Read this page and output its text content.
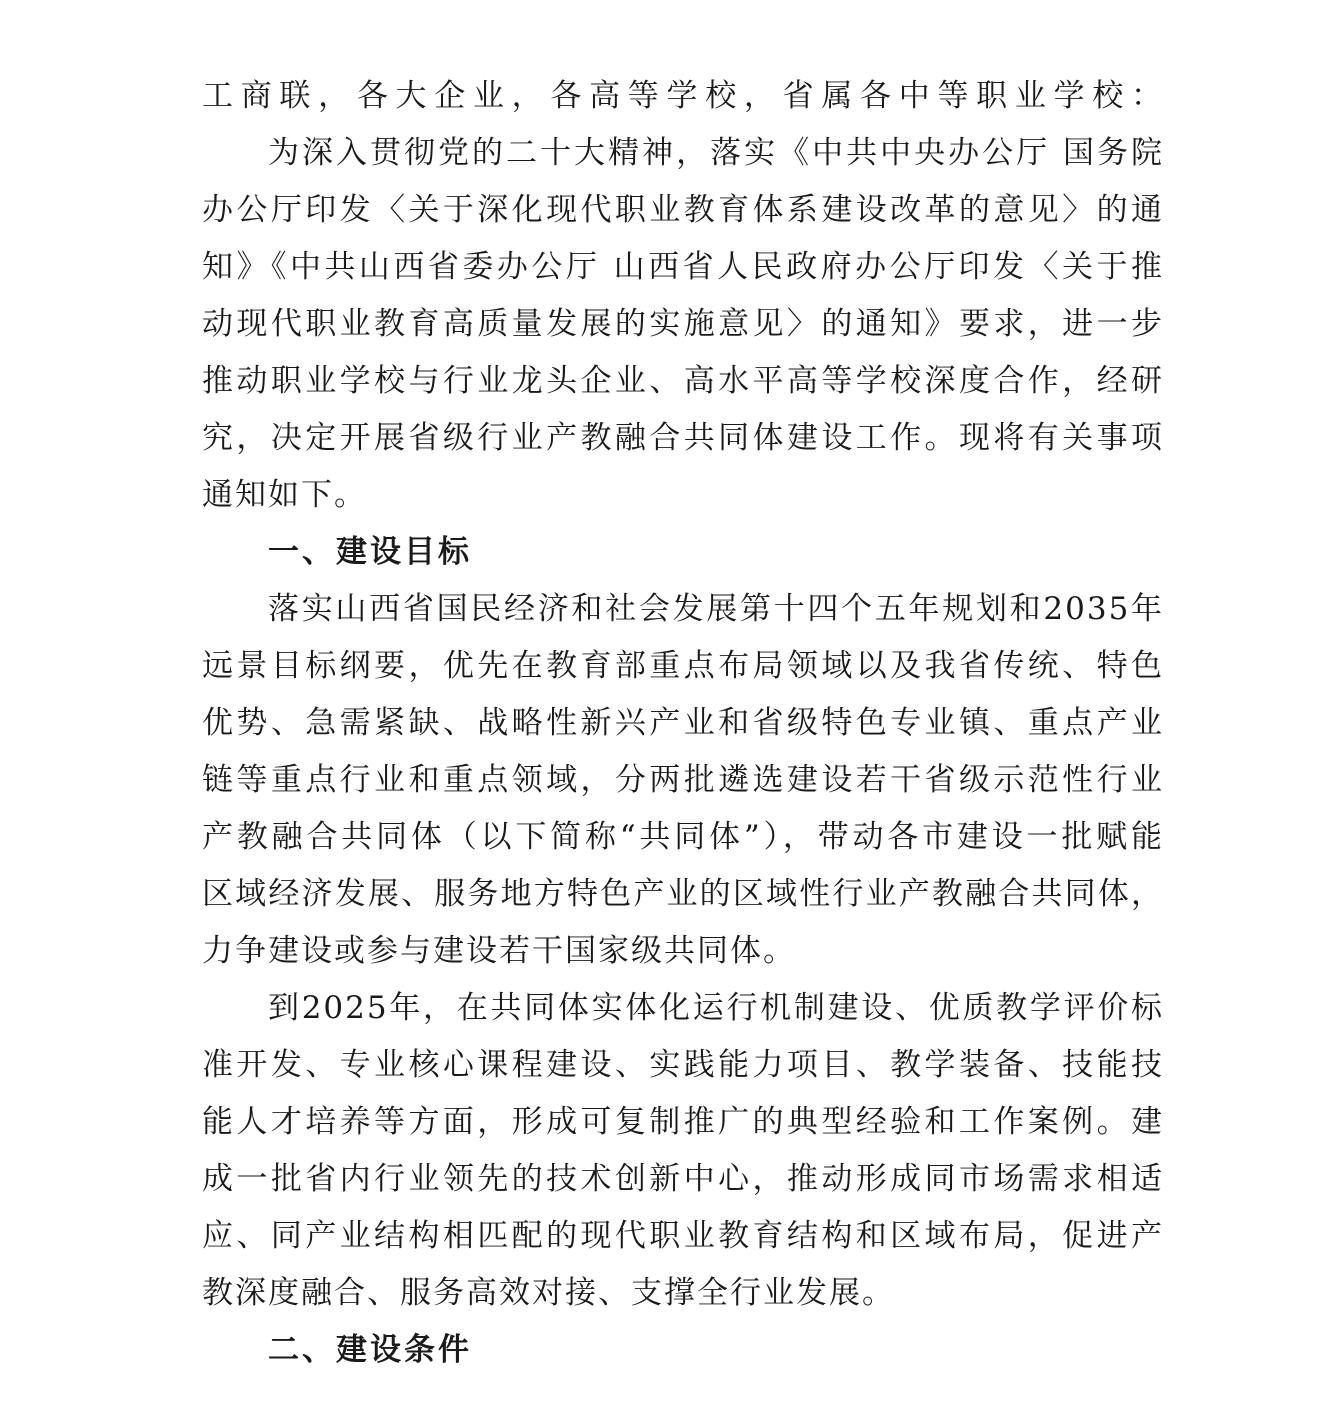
工商联，各大企业，各高等学校，省属各中等职业学校：
为深入贯彻党的二十大精神，落实《中共中央办公厅 国务院
办公厅印发〈关于深化现代职业教育体系建设改革的意见〉的通
知》《中共山西省委办公厅 山西省人民政府办公厅印发〈关于推
动现代职业教育高质量发展的实施意见〉的通知》要求，进一步
推动职业学校与行业龙头企业、高水平高等学校深度合作，经研
究，决定开展省级行业产教融合共同体建设工作。现将有关事项
通知如下。
一、建设目标
落实山西省国民经济和社会发展第十四个五年规划和2035年
远景目标纲要，优先在教育部重点布局领域以及我省传统、特色
优势、急需紧缺、战略性新兴产业和省级特色专业镇、重点产业
链等重点行业和重点领域，分两批遴选建设若干省级示范性行业
产教融合共同体（以下简称“共同体”），带动各市建设一批赋能
区域经济发展、服务地方特色产业的区域性行业产教融合共同体，
力争建设或参与建设若干国家级共同体。
到2025年，在共同体实体化运行机制建设、优质教学评价标
准开发、专业核心课程建设、实践能力项目、教学装备、技能技
能人才培养等方面，形成可复制推广的典型经验和工作案例。建
成一批省内行业领先的技术创新中心，推动形成同市场需求相适
应、同产业结构相匹配的现代职业教育结构和区域布局，促进产
教深度融合、服务高效对接、支撑全行业发展。
二、建设条件
